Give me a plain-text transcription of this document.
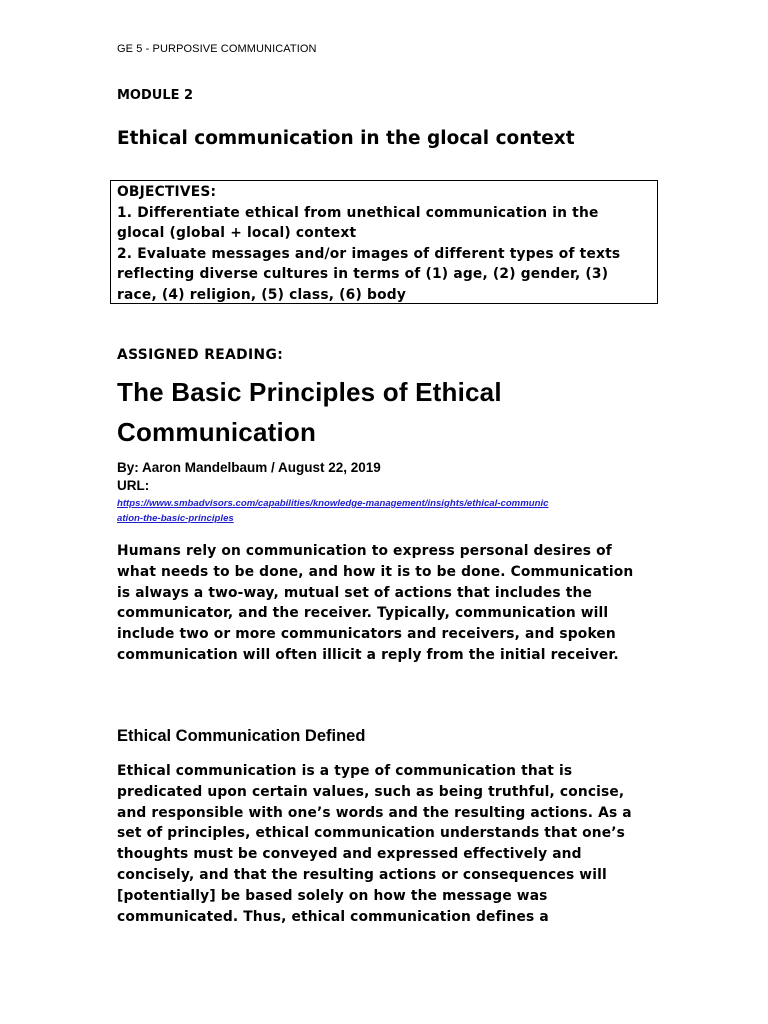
GE 5 - PURPOSIVE COMMUNICATION
MODULE 2
Ethical communication in the glocal context

OBJECTIVES:

1. Differentiate ethical from unethical communication in the

glocal (global + local) context

2. Evaluate messages and/or images of different types of texts

reflecting diverse cultures in terms of (1) age, (2) gender, (3)

race, (4) religion, (5) class, (6) body

ASSIGNED READING:
The Basic Principles of Ethical
Communication
By: Aaron Mandelbaum / August 22, 2019
URL:
https://www.smbadvisors.com/capabilities/knowledge-management/insights/ethical-communic
ation-the-basic-principles
Humans rely on communication to express personal desires of
what needs to be done, and how it is to be done. Communication
is always a two-way, mutual set of actions that includes the
communicator, and the receiver. Typically, communication will
include two or more communicators and receivers, and spoken
communication will often illicit a reply from the initial receiver.
Ethical Communication Defined
Ethical communication is a type of communication that is
predicated upon certain values, such as being truthful, concise,
and responsible with one’s words and the resulting actions. As a
set of principles, ethical communication understands that one’s
thoughts must be conveyed and expressed effectively and
concisely, and that the resulting actions or consequences will
[potentially] be based solely on how the message was
communicated. Thus, ethical communication defines a
